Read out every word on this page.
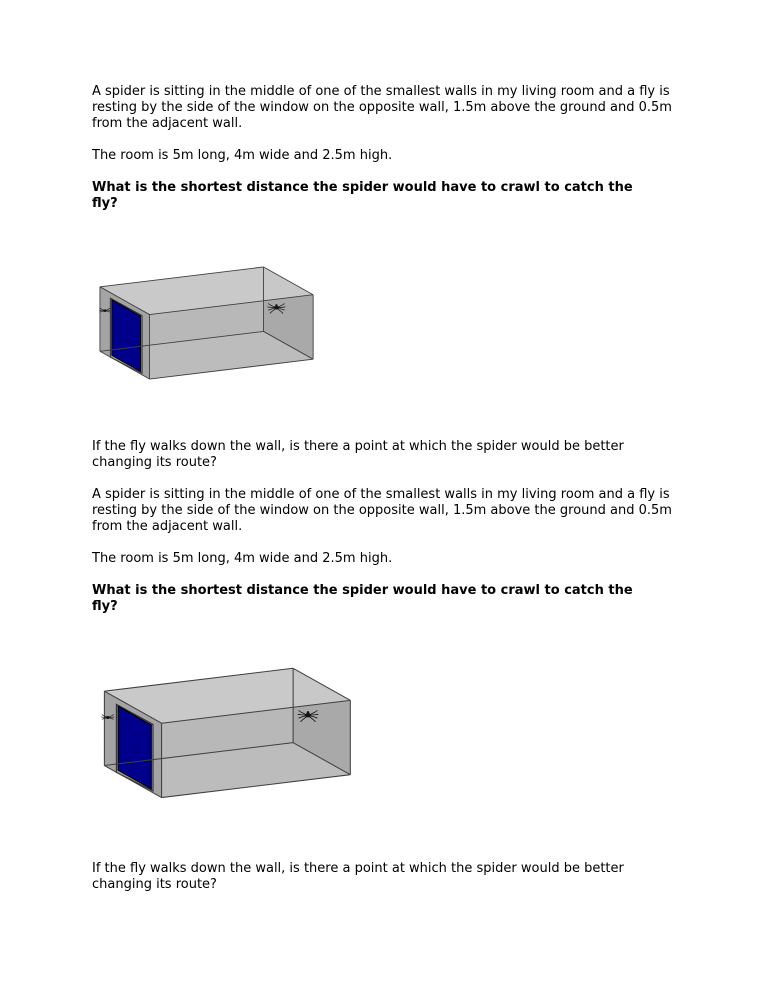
A spider is sitting in the middle of one of the smallest walls in my living room and a fly is resting by the side of the window on the opposite wall, 1.5m above the ground and 0.5m from the adjacent wall.

The room is 5m long, 4m wide and 2.5m high.

What is the shortest distance the spider would have to crawl to catch the fly?

If the fly walks down the wall, is there a point at which the spider would be better changing its route?

A spider is sitting in the middle of one of the smallest walls in my living room and a fly is resting by the side of the window on the opposite wall, 1.5m above the ground and 0.5m from the adjacent wall.

The room is 5m long, 4m wide and 2.5m high.

What is the shortest distance the spider would have to crawl to catch the fly?

If the fly walks down the wall, is there a point at which the spider would be better changing its route?
